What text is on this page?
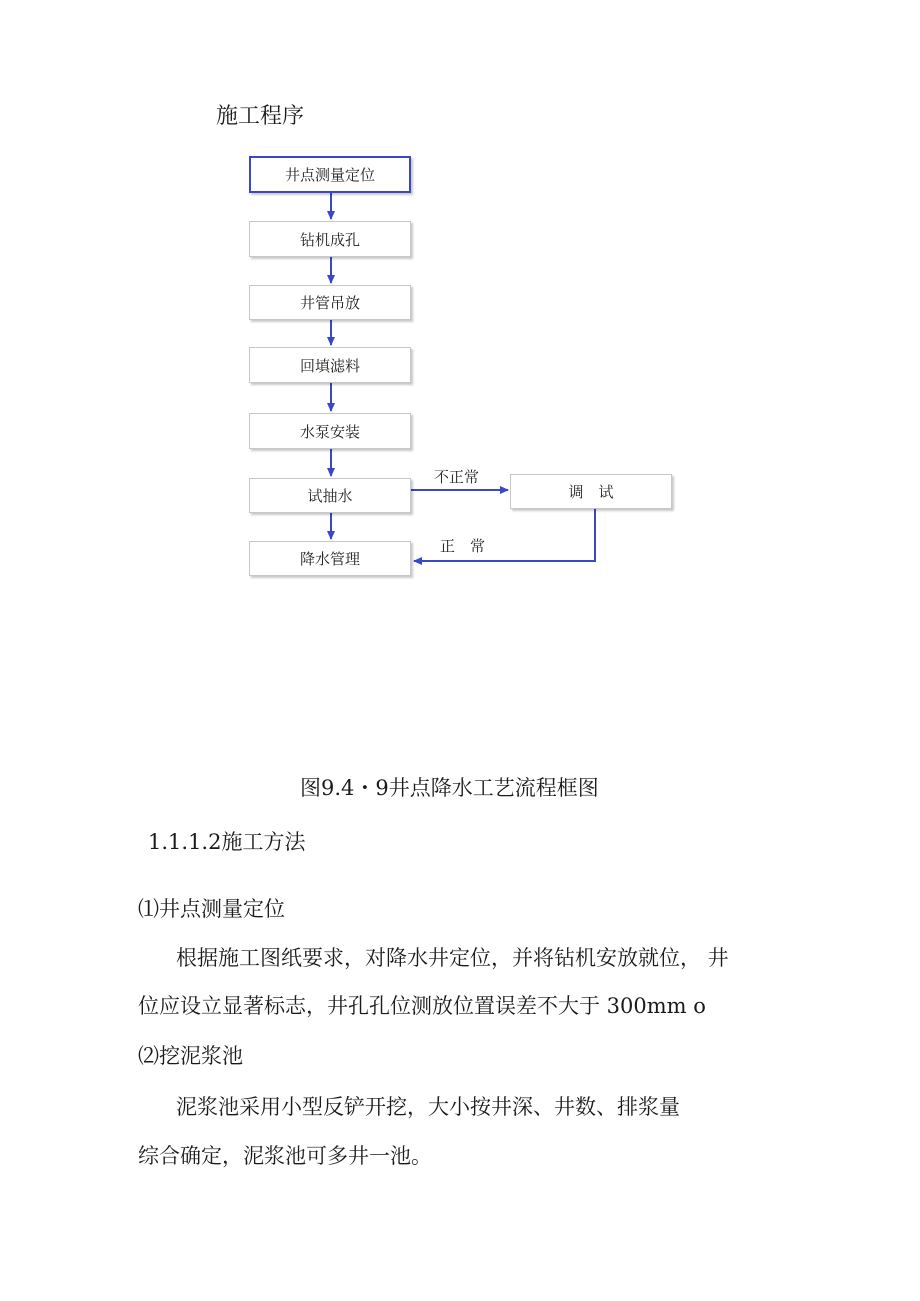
施工程序
井点测量定位
钻机成孔
井管吊放
回填滤料
水泵安装
试抽水
降水管理
调　试
不正常
正　常
图9.4・9井点降水工艺流程框图
1.1.1.2施工方法
⑴井点测量定位
根据施工图纸要求，对降水井定位，并将钻机安放就位， 井
位应设立显著标志，井孔孔位测放位置误差不大于 300mm o
⑵挖泥浆池
泥浆池采用小型反铲开挖，大小按井深、井数、排浆量
综合确定，泥浆池可多井一池。
